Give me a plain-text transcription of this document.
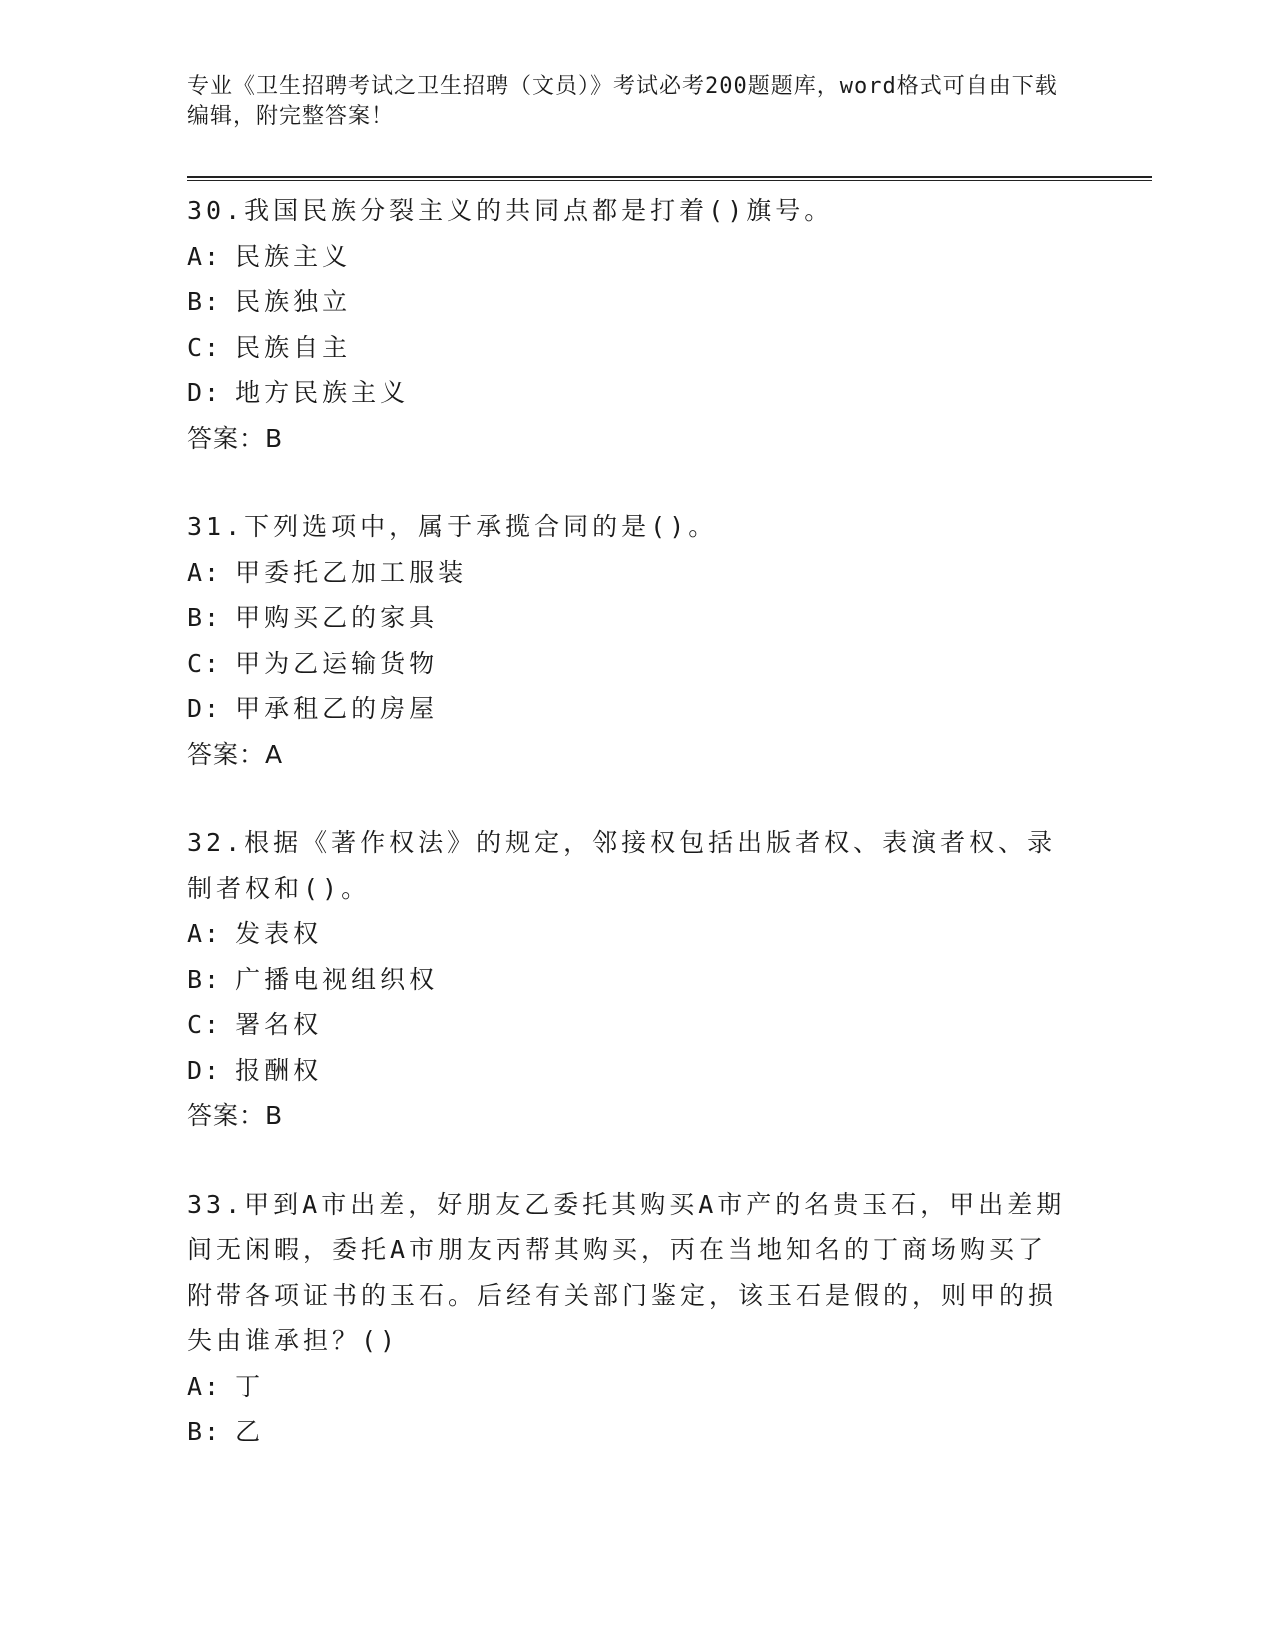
专业《卫生招聘考试之卫生招聘（文员）》考试必考200题题库，word格式可自由下载编辑，附完整答案！
30.我国民族分裂主义的共同点都是打着()旗号。
A: 民族主义
B: 民族独立
C: 民族自主
D: 地方民族主义
答案：B
31.下列选项中，属于承揽合同的是()。
A: 甲委托乙加工服装
B: 甲购买乙的家具
C: 甲为乙运输货物
D: 甲承租乙的房屋
答案：A
32.根据《著作权法》的规定，邻接权包括出版者权、表演者权、录制者权和()。
A: 发表权
B: 广播电视组织权
C: 署名权
D: 报酬权
答案：B
33.甲到A市出差，好朋友乙委托其购买A市产的名贵玉石，甲出差期间无闲暇，委托A市朋友丙帮其购买，丙在当地知名的丁商场购买了附带各项证书的玉石。后经有关部门鉴定，该玉石是假的，则甲的损失由谁承担？()
A: 丁
B: 乙
